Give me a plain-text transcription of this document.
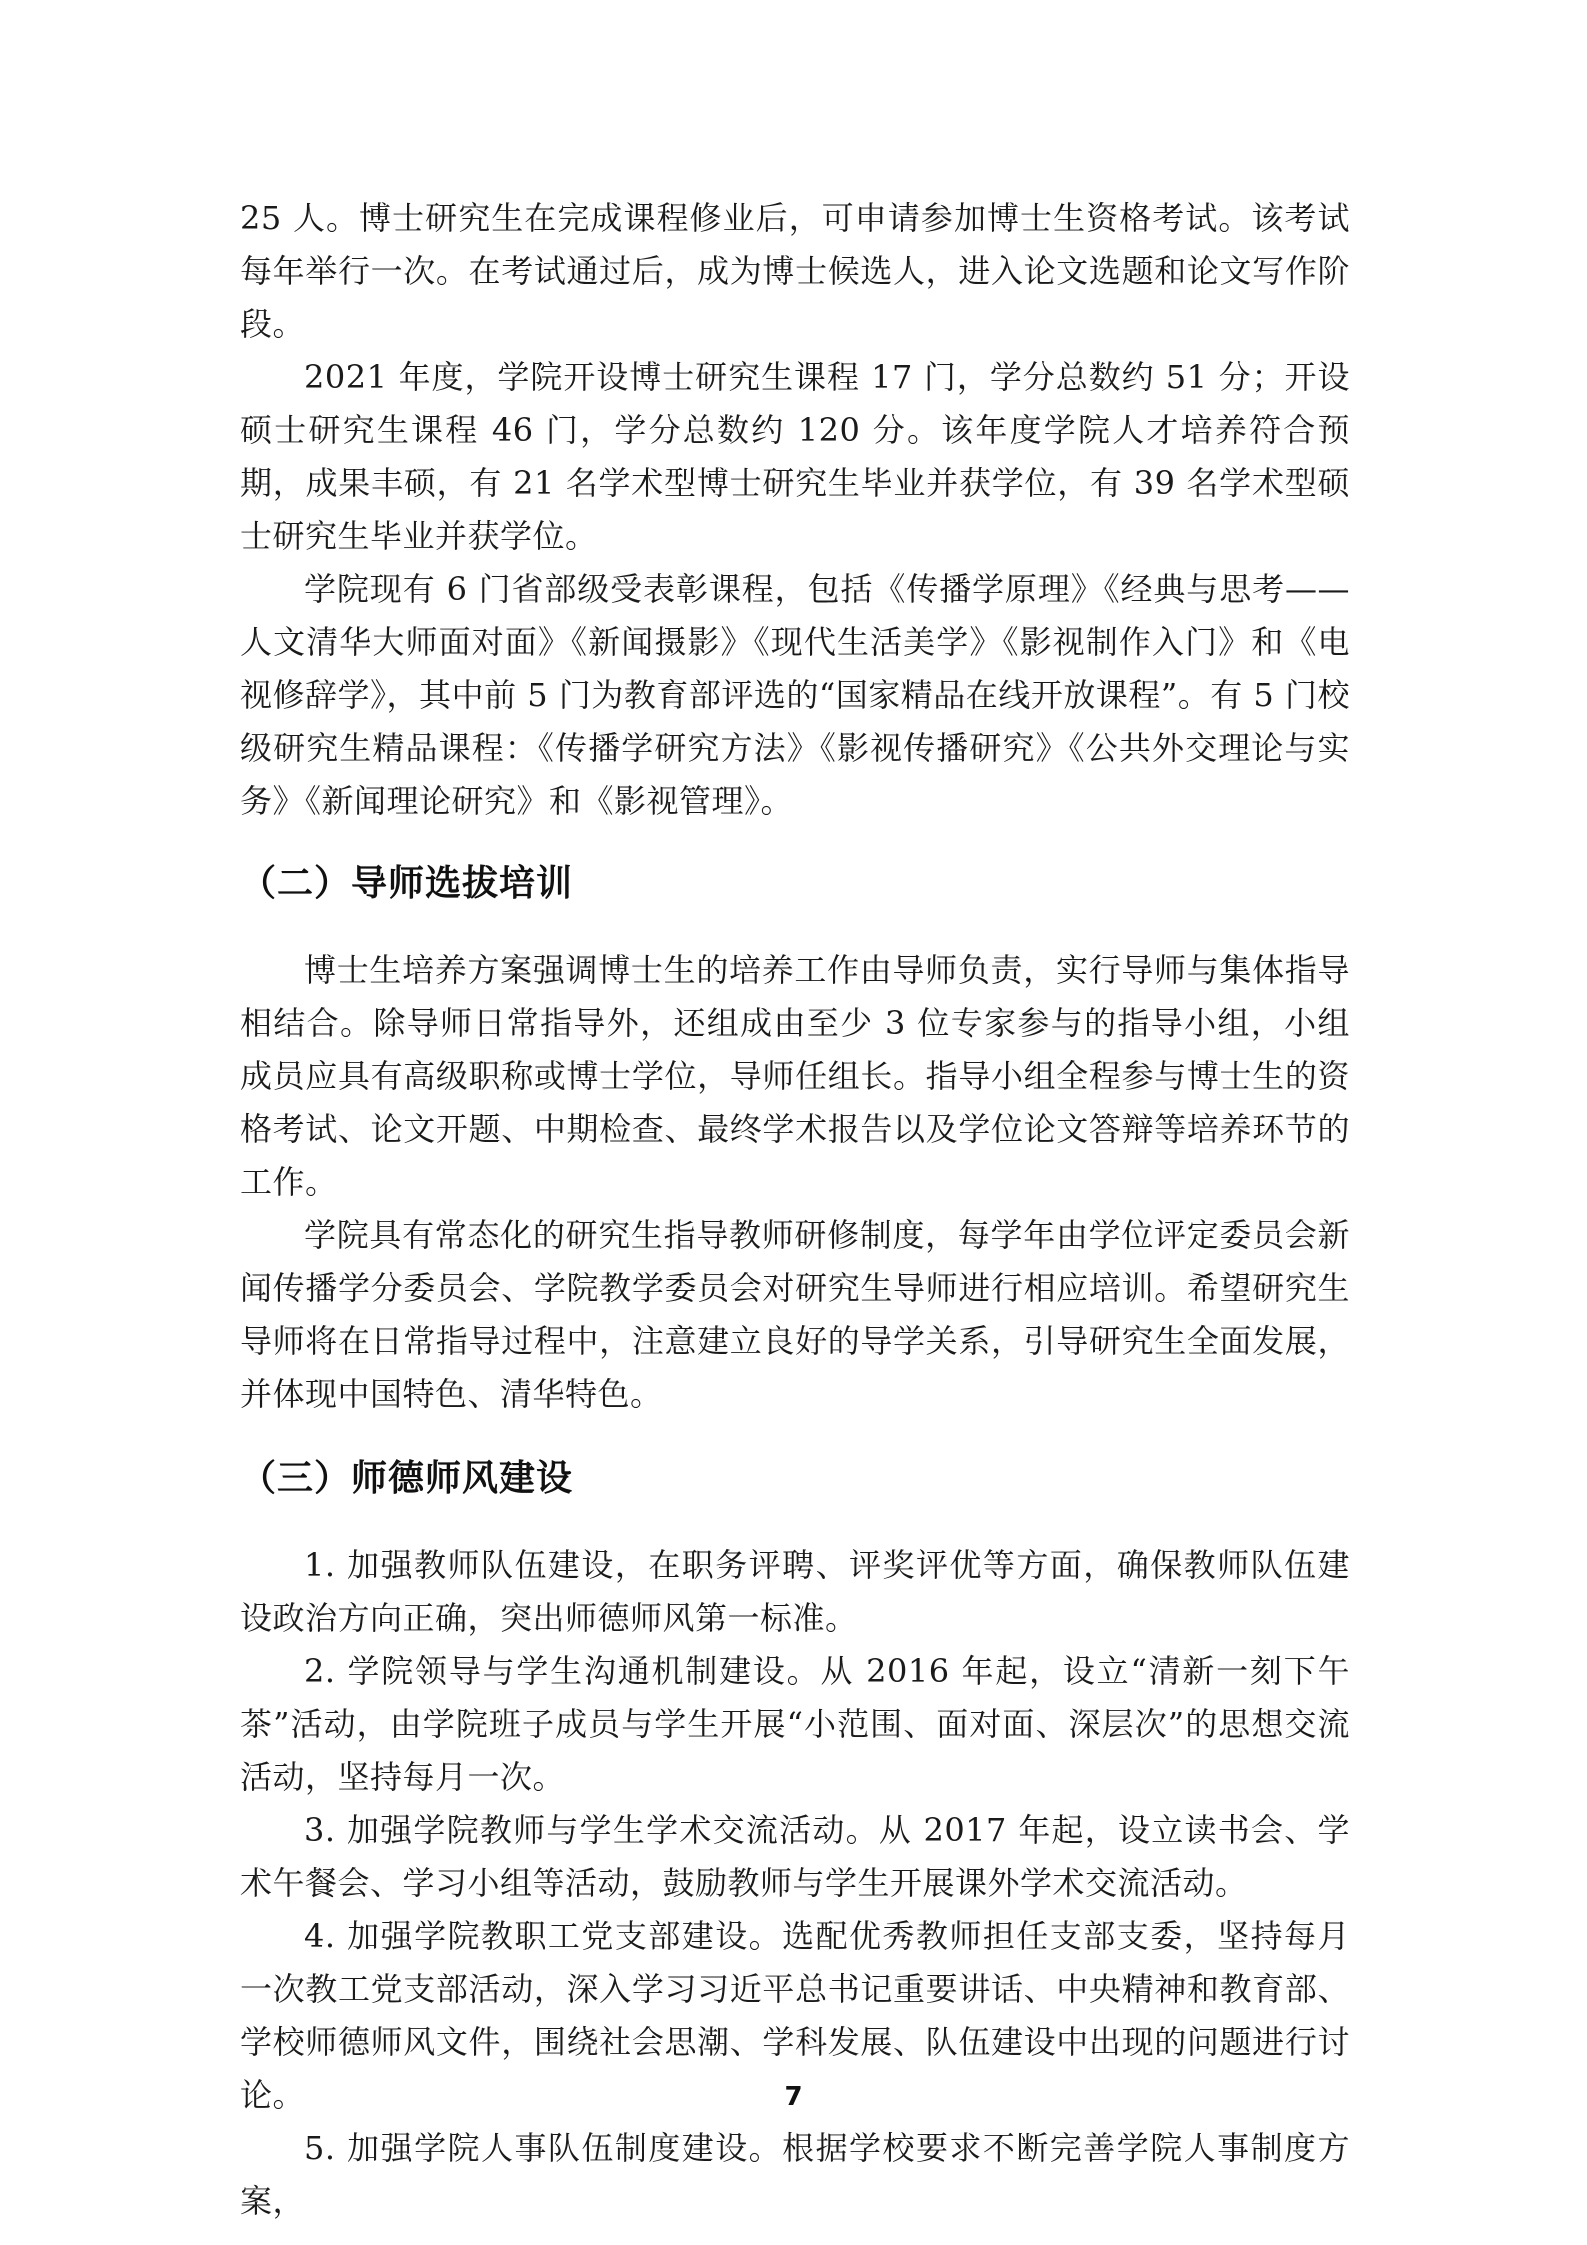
25 人。博士研究生在完成课程修业后，可申请参加博士生资格考试。该考试每年举行一次。在考试通过后，成为博士候选人，进入论文选题和论文写作阶段。

2021 年度，学院开设博士研究生课程 17 门，学分总数约 51 分；开设硕士研究生课程 46 门，学分总数约 120 分。该年度学院人才培养符合预期，成果丰硕，有 21 名学术型博士研究生毕业并获学位，有 39 名学术型硕士研究生毕业并获学位。

学院现有 6 门省部级受表彰课程，包括《传播学原理》《经典与思考——人文清华大师面对面》《新闻摄影》《现代生活美学》《影视制作入门》和《电视修辞学》，其中前 5 门为教育部评选的“国家精品在线开放课程”。有 5 门校级研究生精品课程：《传播学研究方法》《影视传播研究》《公共外交理论与实务》《新闻理论研究》和《影视管理》。

（二）导师选拔培训

博士生培养方案强调博士生的培养工作由导师负责，实行导师与集体指导相结合。除导师日常指导外，还组成由至少 3 位专家参与的指导小组，小组成员应具有高级职称或博士学位，导师任组长。指导小组全程参与博士生的资格考试、论文开题、中期检查、最终学术报告以及学位论文答辩等培养环节的工作。

学院具有常态化的研究生指导教师研修制度，每学年由学位评定委员会新闻传播学分委员会、学院教学委员会对研究生导师进行相应培训。希望研究生导师将在日常指导过程中，注意建立良好的导学关系，引导研究生全面发展，并体现中国特色、清华特色。

（三）师德师风建设

1. 加强教师队伍建设，在职务评聘、评奖评优等方面，确保教师队伍建设政治方向正确，突出师德师风第一标准。

2. 学院领导与学生沟通机制建设。从 2016 年起，设立“清新一刻下午茶”活动，由学院班子成员与学生开展“小范围、面对面、深层次”的思想交流活动，坚持每月一次。

3. 加强学院教师与学生学术交流活动。从 2017 年起，设立读书会、学术午餐会、学习小组等活动，鼓励教师与学生开展课外学术交流活动。

4. 加强学院教职工党支部建设。选配优秀教师担任支部支委，坚持每月一次教工党支部活动，深入学习习近平总书记重要讲话、中央精神和教育部、学校师德师风文件，围绕社会思潮、学科发展、队伍建设中出现的问题进行讨论。

5. 加强学院人事队伍制度建设。根据学校要求不断完善学院人事制度方案，

7
